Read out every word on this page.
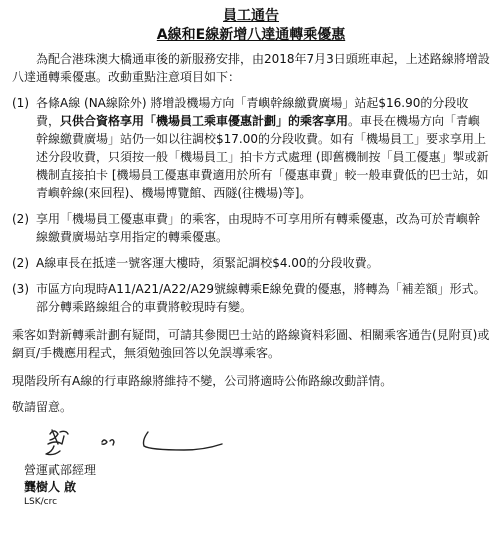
員工通告

A線和E線新增八達通轉乘優惠

為配合港珠澳大橋通車後的新服務安排，由2018年7月3日頭班車起，上述路線將增設八達通轉乘優惠。改動重點注意項目如下：

(1) 各條A線 (NA線除外) 將增設機場方向「青嶼幹線繳費廣場」站起$16.90的分段收費，只供合資格享用「機場員工乘車優惠計劃」的乘客享用。車長在機場方向「青嶼幹線繳費廣場」站仍一如以往調校$17.00的分段收費。如有「機場員工」要求享用上述分段收費，只須按一般「機場員工」拍卡方式處理 (即舊機制按「員工優惠」掣或新機制直接拍卡 [機場員工優惠車費適用於所有「優惠車費」較一般車費低的巴士站，如青嶼幹線(來回程)、機場博覽館、西隧(往機場)等]。
(2) 享用「機場員工優惠車費」的乘客，由現時不可享用所有轉乘優惠，改為可於青嶼幹線繳費廣場站享用指定的轉乘優惠。
(2) A線車長在抵達一號客運大樓時，須緊記調校$4.00的分段收費。
(3) 市區方向現時A11/A21/A22/A29號線轉乘E線免費的優惠，將轉為「補差額」形式。部分轉乘路線組合的車費將較現時有變。

乘客如對新轉乘計劃有疑問，可請其參閱巴士站的路線資料彩圖、相關乘客通告(見附頁)或網頁/手機應用程式，無須勉強回答以免誤導乘客。

現階段所有A線的行車路線將維持不變，公司將適時公佈路線改動詳情。

敬請留意。

營運貳部經理

龔樹人 啟

LSK/crc
